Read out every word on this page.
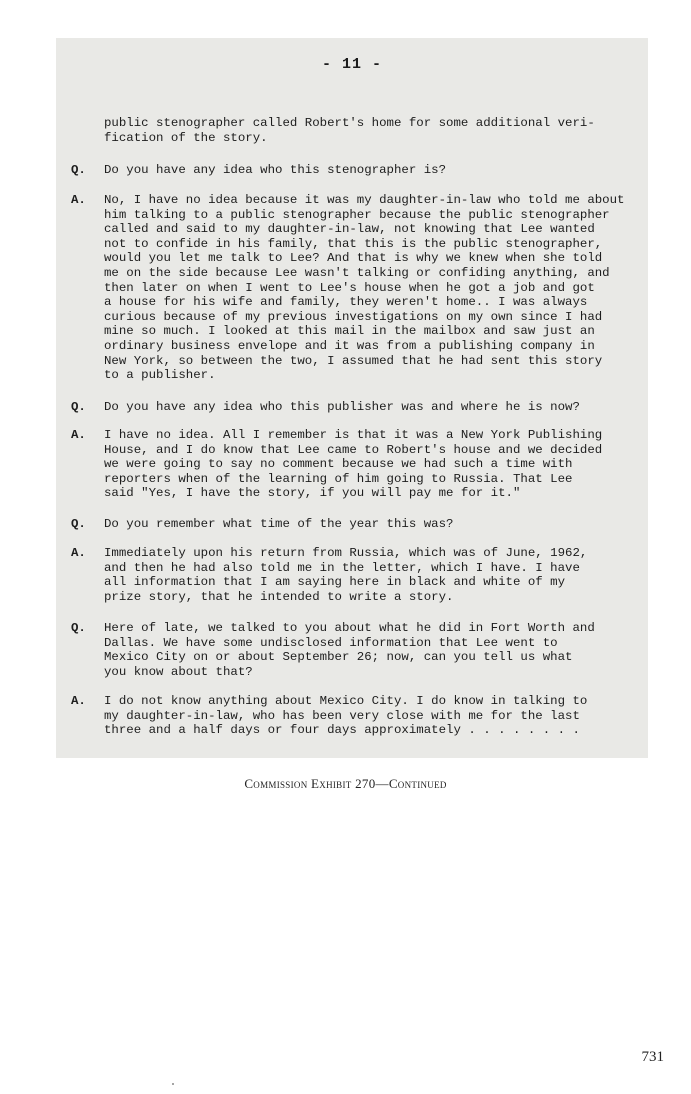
- 11 -
public stenographer called Robert's home for some additional veri-
fication of the story.
Q.	Do you have any idea who this stenographer is?
A.	No, I have no idea because it was my daughter-in-law who told me about
him talking to a public stenographer because the public stenographer
called and said to my daughter-in-law, not knowing that Lee wanted
not to confide in his family, that this is the public stenographer,
would you let me talk to Lee? And that is why we knew when she told
me on the side because Lee wasn't talking or confiding anything, and
then later on when I went to Lee's house when he got a job and got
a house for his wife and family, they weren't home.. I was always
curious because of my previous investigations on my own since I had
mine so much. I looked at this mail in the mailbox and saw just an
ordinary business envelope and it was from a publishing company in
New York, so between the two, I assumed that he had sent this story
to a publisher.
Q.	Do you have any idea who this publisher was and where he is now?
A.	I have no idea. All I remember is that it was a New York Publishing
House, and I do know that Lee came to Robert's house and we decided
we were going to say no comment because we had such a time with
reporters when of the learning of him going to Russia. That Lee
said "Yes, I have the story, if you will pay me for it."
Q.	Do you remember what time of the year this was?
A.	Immediately upon his return from Russia, which was of June, 1962,
and then he had also told me in the letter, which I have. I have
all information that I am saying here in black and white of my
prize story, that he intended to write a story.
Q.	Here of late, we talked to you about what he did in Fort Worth and
Dallas. We have some undisclosed information that Lee went to
Mexico City on or about September 26; now, can you tell us what
you know about that?
A.	I do not know anything about Mexico City. I do know in talking to
my daughter-in-law, who has been very close with me for the last
three and a half days or four days approximately . . . . . . . .
Commission Exhibit 270—Continued
731
